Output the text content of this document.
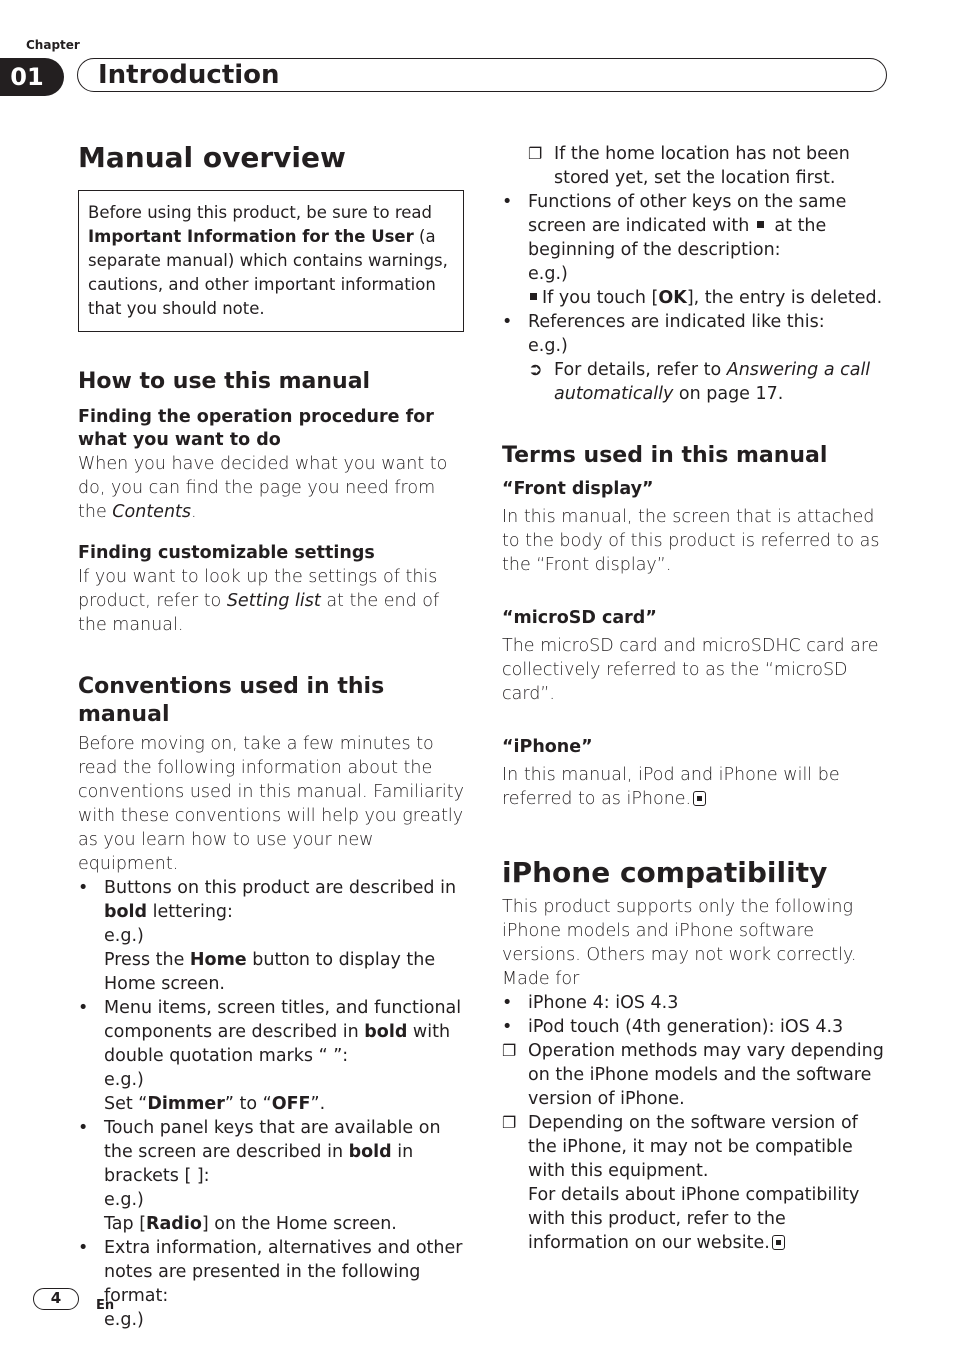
Chapter
01	Introduction
Manual overview
Before using this product, be sure to read Important Information for the User (a separate manual) which contains warnings, cautions, and other important information that you should note.
How to use this manual
Finding the operation procedure for what you want to do

When you have decided what you want to do, you can find the page you need from the Contents.

Finding customizable settings

If you want to look up the settings of this product, refer to Setting list at the end of the manual.

Conventions used in this manual

Before moving on, take a few minutes to read the following information about the conventions used in this manual. Familiarity with these conventions will help you greatly as you learn how to use your new equipment.

• Buttons on this product are described in bold lettering:
e.g.)
Press the Home button to display the Home screen.
• Menu items, screen titles, and functional components are described in bold with double quotation marks “ ”:
e.g.)
Set “Dimmer” to “OFF”.
• Touch panel keys that are available on the screen are described in bold in brackets [ ]:
e.g.)
Tap [Radio] on the Home screen.
• Extra information, alternatives and other notes are presented in the following format:
e.g.)
❐ If the home location has not been stored yet, set the location first.
• Functions of other keys on the same screen are indicated with  at the beginning of the description:
e.g.)
If you touch [OK], the entry is deleted.
• References are indicated like this:
e.g.)
➲ For details, refer to Answering a call automatically on page 17.
Terms used in this manual
“Front display”

In this manual, the screen that is attached to the body of this product is referred to as the “Front display”.

“microSD card”

The microSD card and microSDHC card are collectively referred to as the “microSD card”.

“iPhone”

In this manual, iPod and iPhone will be referred to as iPhone.

iPhone compatibility

This product supports only the following iPhone models and iPhone software versions. Others may not work correctly.

Made for

• iPhone 4: iOS 4.3
• iPod touch (4th generation): iOS 4.3
❐ Operation methods may vary depending on the iPhone models and the software version of iPhone.
❐ Depending on the software version of the iPhone, it may not be compatible with this equipment.
For details about iPhone compatibility with this product, refer to the information on our website.
4	En
